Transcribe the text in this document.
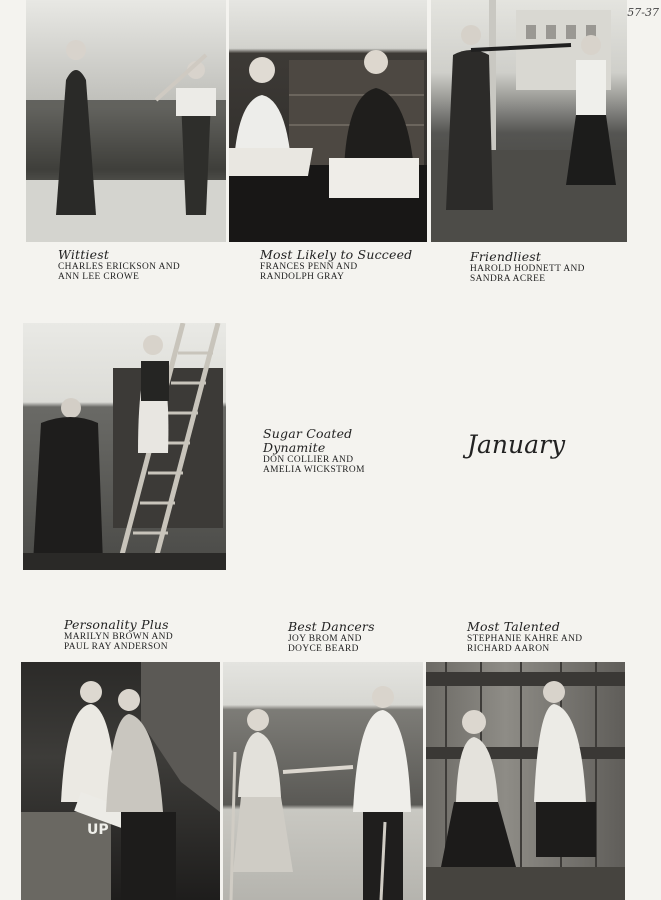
57-37
Wittiest
CHARLES ERICKSON AND
ANN LEE CROWE
Most Likely to Succeed
FRANCES PENN AND
RANDOLPH GRAY
Friendliest
HAROLD HODNETT AND
SANDRA ACREE
Sugar Coated
Dynamite
DON COLLIER AND
AMELIA WICKSTROM
January
Personality Plus
MARILYN BROWN AND
PAUL RAY ANDERSON
Best Dancers
JOY BROM AND
DOYCE BEARD
Most Talented
STEPHANIE KAHRE AND
RICHARD AARON
UP
